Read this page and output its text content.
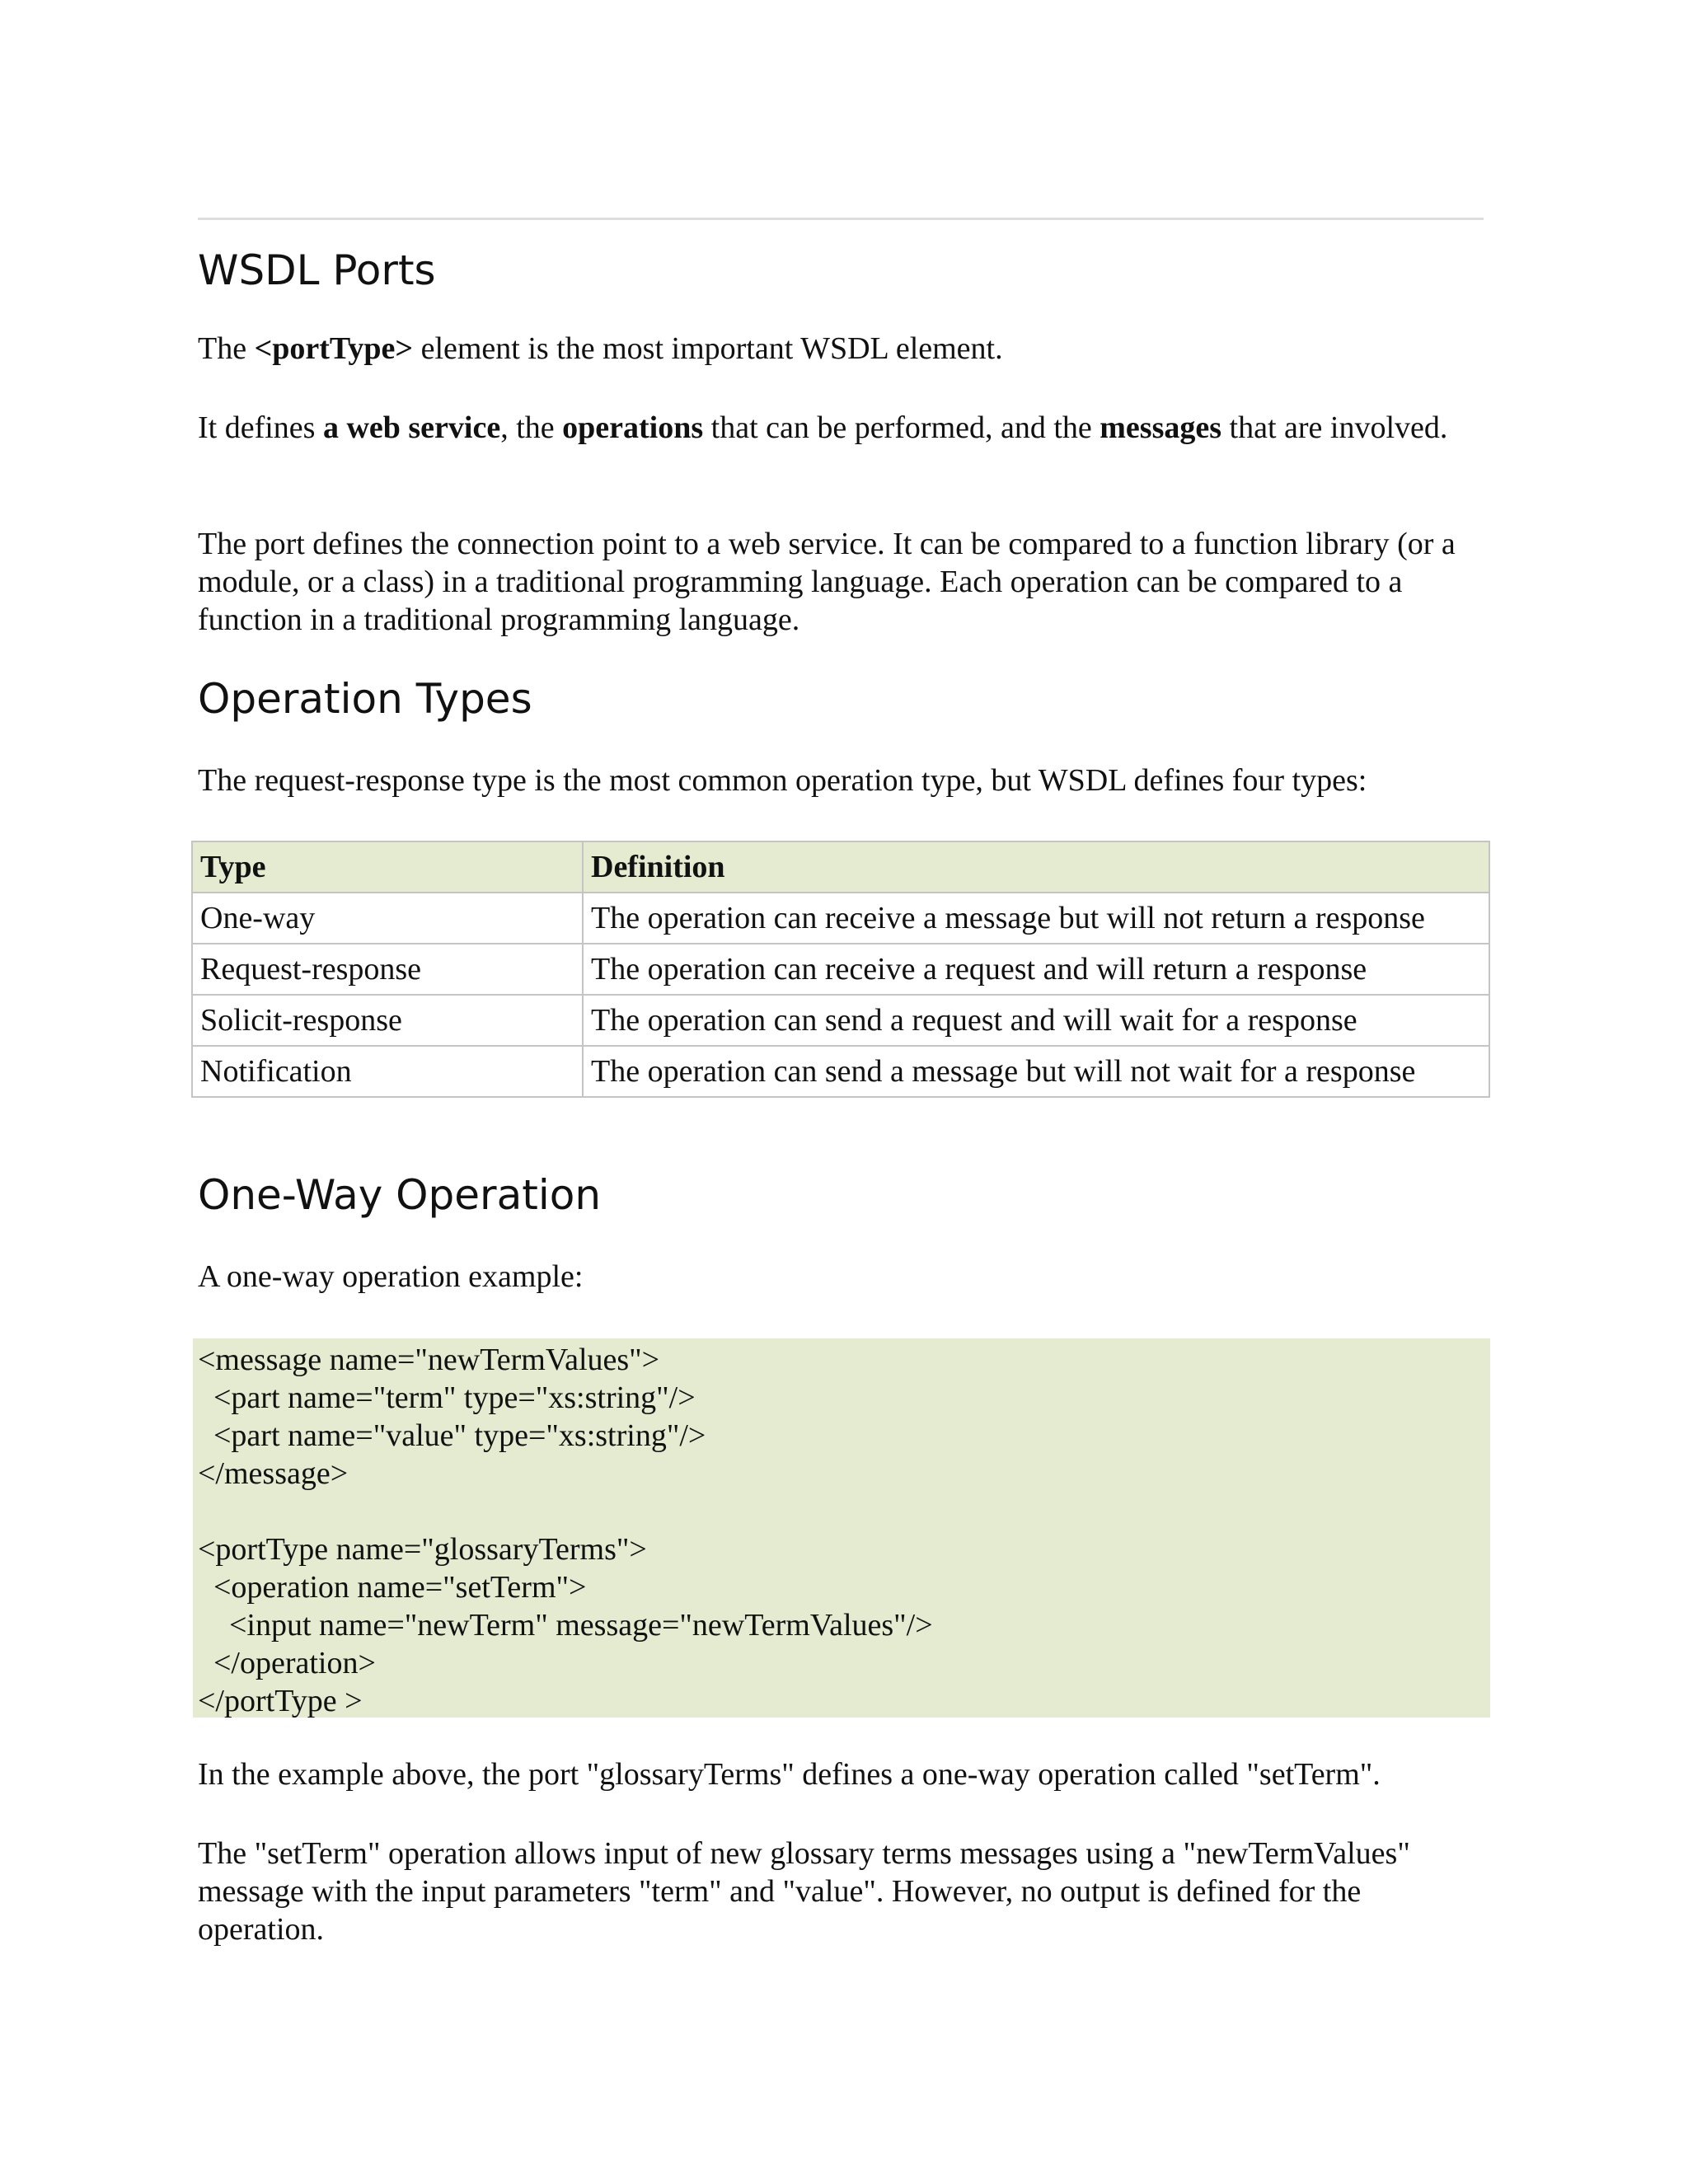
WSDL Ports

The <portType> element is the most important WSDL element.

It defines a web service, the operations that can be performed, and the messages that are involved.

The port defines the connection point to a web service. It can be compared to a function library (or a module, or a class) in a traditional programming language. Each operation can be compared to a function in a traditional programming language.

Operation Types

The request-response type is the most common operation type, but WSDL defines four types:

Type	Definition
One-way	The operation can receive a message but will not return a response
Request-response	The operation can receive a request and will return a response
Solicit-response	The operation can send a request and will wait for a response
Notification	The operation can send a message but will not wait for a response
One-Way Operation

A one-way operation example:

<message name="newTermValues">
<part name="term" type="xs:string"/>
<part name="value" type="xs:string"/>
</message>
<portType name="glossaryTerms">
<operation name="setTerm">
<input name="newTerm" message="newTermValues"/>
</operation>
</portType >

In the example above, the port "glossaryTerms" defines a one-way operation called "setTerm".

The "setTerm" operation allows input of new glossary terms messages using a "newTermValues" message with the input parameters "term" and "value". However, no output is defined for the operation.
